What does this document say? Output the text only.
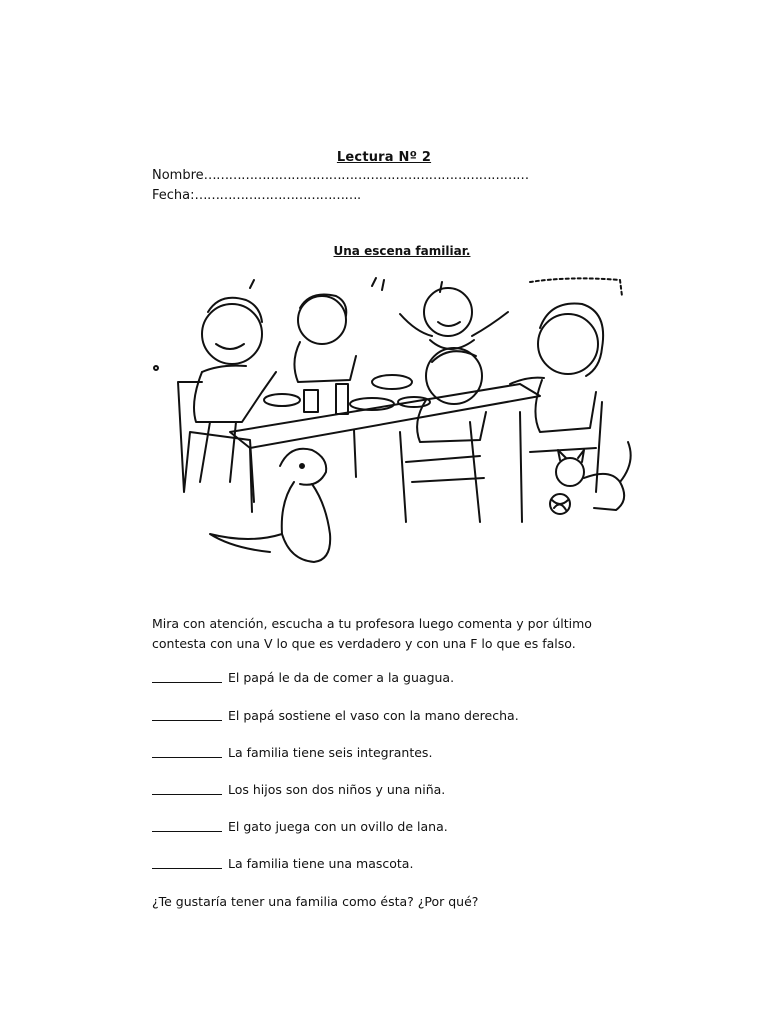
Lectura Nº 2
Nombre……………………………………………………………………
Fecha:………………………………….
Una escena familiar.
Mira con atención, escucha a tu profesora luego comenta y por último
contesta con una V lo que es verdadero y con una F lo que es falso.
El papá le da de comer a la guagua.
El papá sostiene el vaso con la mano derecha.
La familia tiene seis integrantes.
Los hijos son dos niños y una niña.
El gato juega con un ovillo de lana.
La familia tiene una mascota.
¿Te gustaría tener una familia como ésta? ¿Por qué?
